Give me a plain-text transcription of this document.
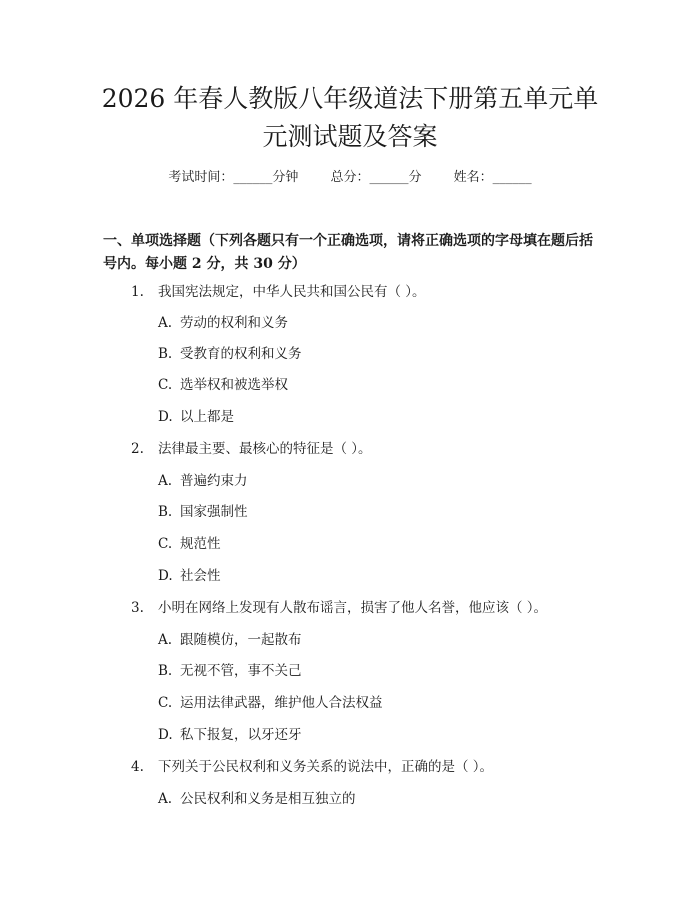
2026 年春人教版八年级道法下册第五单元单
元测试题及答案
考试时间：______分钟 总分：______分 姓名：______

一、单项选择题（下列各题只有一个正确选项，请将正确选项的字母填在题后括号内。每小题 2 分，共 30 分）

1. 我国宪法规定，中华人民共和国公民有（ ）。
A. 劳动的权利和义务
B. 受教育的权利和义务
C. 选举权和被选举权
D. 以上都是
2. 法律最主要、最核心的特征是（ ）。
A. 普遍约束力
B. 国家强制性
C. 规范性
D. 社会性
3. 小明在网络上发现有人散布谣言，损害了他人名誉，他应该（ ）。
A. 跟随模仿，一起散布
B. 无视不管，事不关己
C. 运用法律武器，维护他人合法权益
D. 私下报复，以牙还牙
4. 下列关于公民权利和义务关系的说法中，正确的是（ ）。
A. 公民权利和义务是相互独立的
